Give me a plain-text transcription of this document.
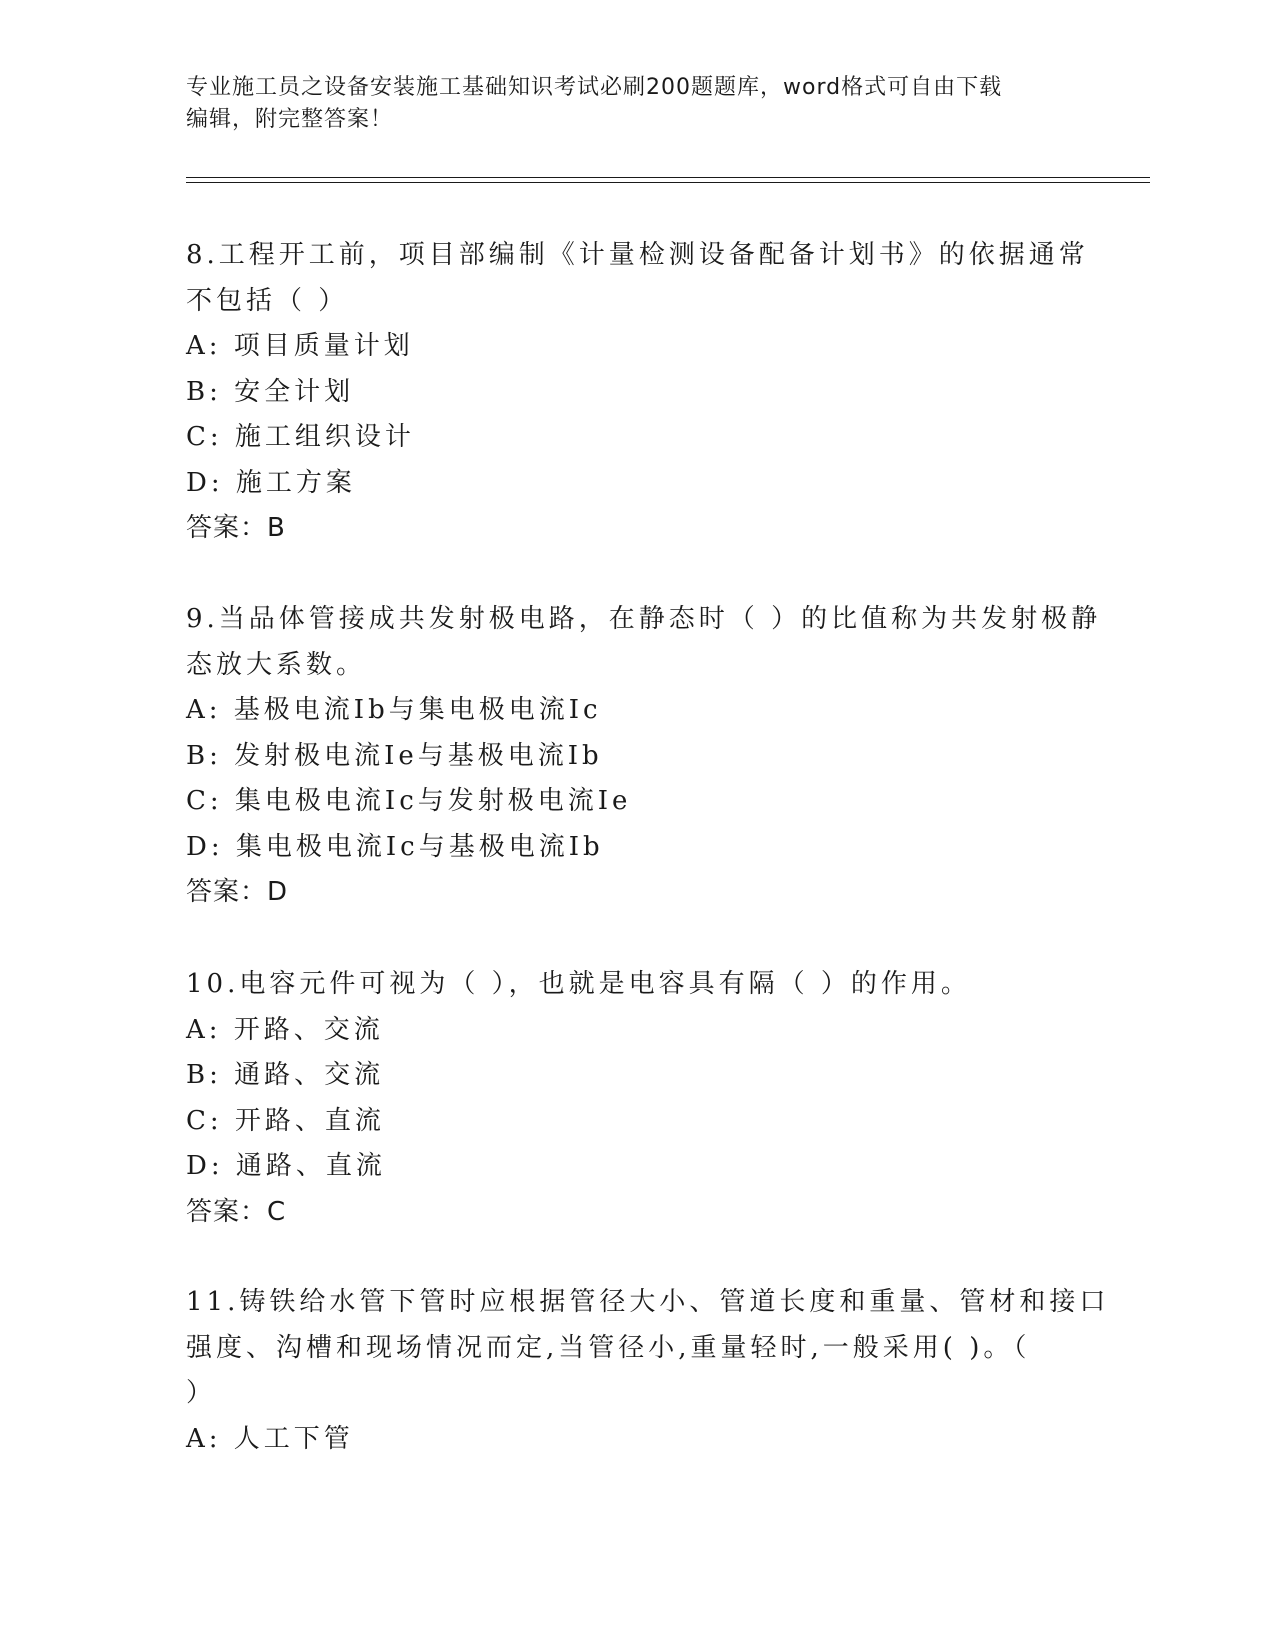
专业施工员之设备安装施工基础知识考试必刷200题题库，word格式可自由下载
编辑，附完整答案！
8.工程开工前，项目部编制《计量检测设备配备计划书》的依据通常
不包括（ ）
A: 项目质量计划
B: 安全计划
C: 施工组织设计
D: 施工方案
答案：B
9.当品体管接成共发射极电路，在静态时（ ）的比值称为共发射极静
态放大系数。
A: 基极电流Ib与集电极电流Ic
B: 发射极电流Ie与基极电流Ib
C: 集电极电流Ic与发射极电流Ie
D: 集电极电流Ic与基极电流Ib
答案：D
10.电容元件可视为（ ），也就是电容具有隔（ ）的作用。
A: 开路、交流
B: 通路、交流
C: 开路、直流
D: 通路、直流
答案：C
11.铸铁给水管下管时应根据管径大小、管道长度和重量、管材和接口
强度、沟槽和现场情况而定,当管径小,重量轻时,一般采用( )。（
）
A: 人工下管
